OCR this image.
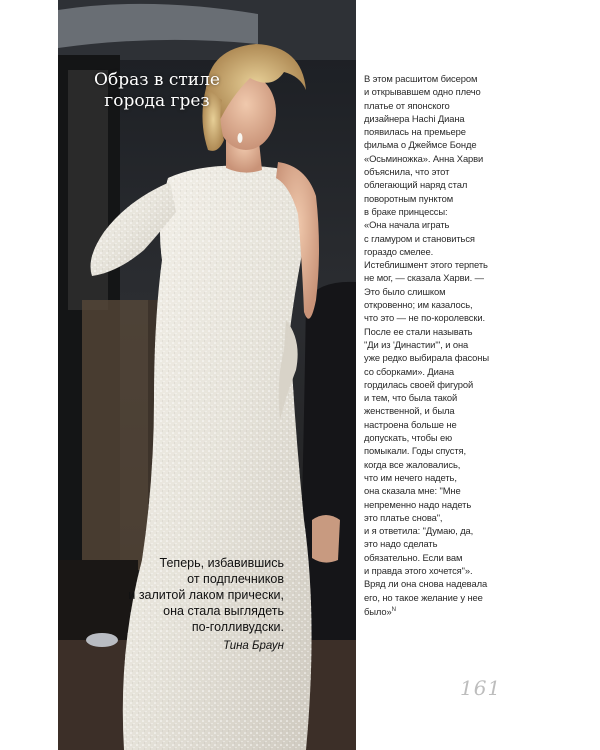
Образ в стиле
города грез
Теперь, избавившись
от подплечников
и залитой лаком прически,
она стала выглядеть
по-голливудски.
Тина Браун
В этом расшитом бисером
и открывавшем одно плечо
платье от японского
дизайнера Hachi Диана
появилась на премьере
фильма о Джеймсе Бонде
«Осьминожка». Анна Харви
объяснила, что этот
облегающий наряд стал
поворотным пунктом
в браке принцессы:
«Она начала играть
с гламуром и становиться
гораздо смелее.
Истеблишмент этого терпеть
не мог, — сказала Харви. —
Это было слишком
откровенно; им казалось,
что это — не по-королевски.
После ее стали называть
"Ди из 'Династии'", и она
уже редко выбирала фасоны
со сборками». Диана
гордилась своей фигурой
и тем, что была такой
женственной, и была
настроена больше не
допускать, чтобы ею
помыкали. Годы спустя,
когда все жаловались,
что им нечего надеть,
она сказала мне: "Мне
непременно надо надеть
это платье снова",
и я ответила: "Думаю, да,
это надо сделать
обязательно. Если вам
и правда этого хочется"».
Вряд ли она снова надевала
его, но такое желание у нее
было»$^N$
161
